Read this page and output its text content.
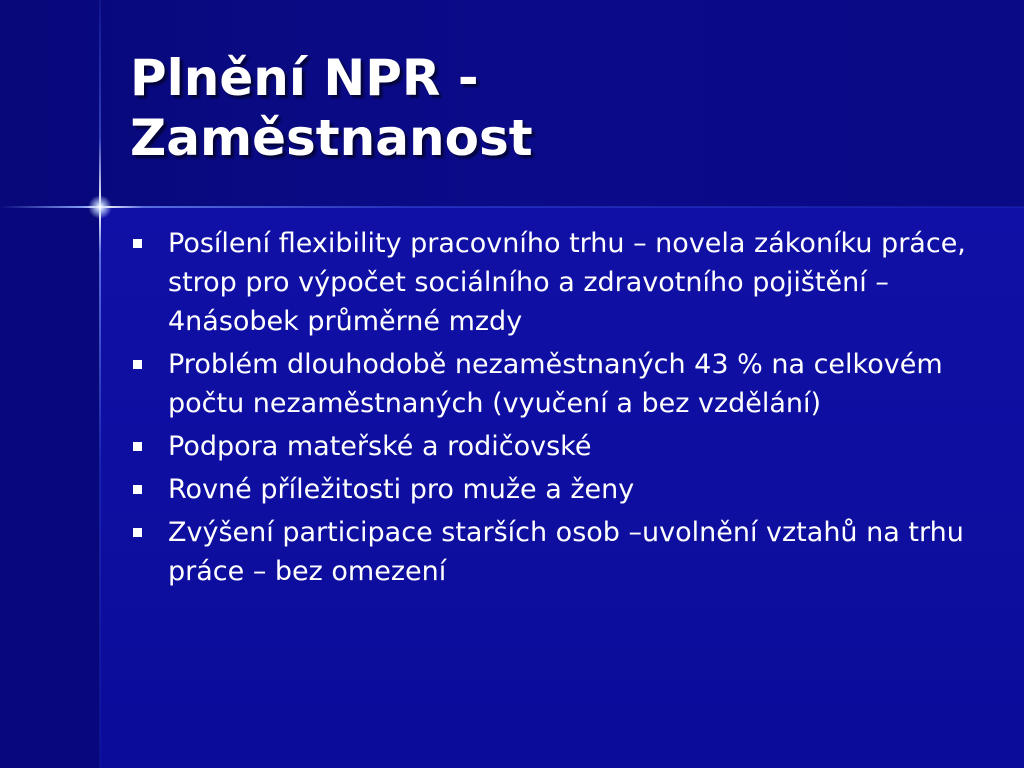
Plnění NPR -
Zaměstnanost
Posílení flexibility pracovního trhu – novela zákoníku práce, strop pro výpočet sociálního a zdravotního pojištění – 4násobek průměrné mzdy
Problém dlouhodobě nezaměstnaných 43 % na celkovém počtu nezaměstnaných (vyučení a bez vzdělání)
Podpora mateřské a rodičovské
Rovné příležitosti pro muže a ženy
Zvýšení participace starších osob –uvolnění vztahů na trhu práce – bez omezení
